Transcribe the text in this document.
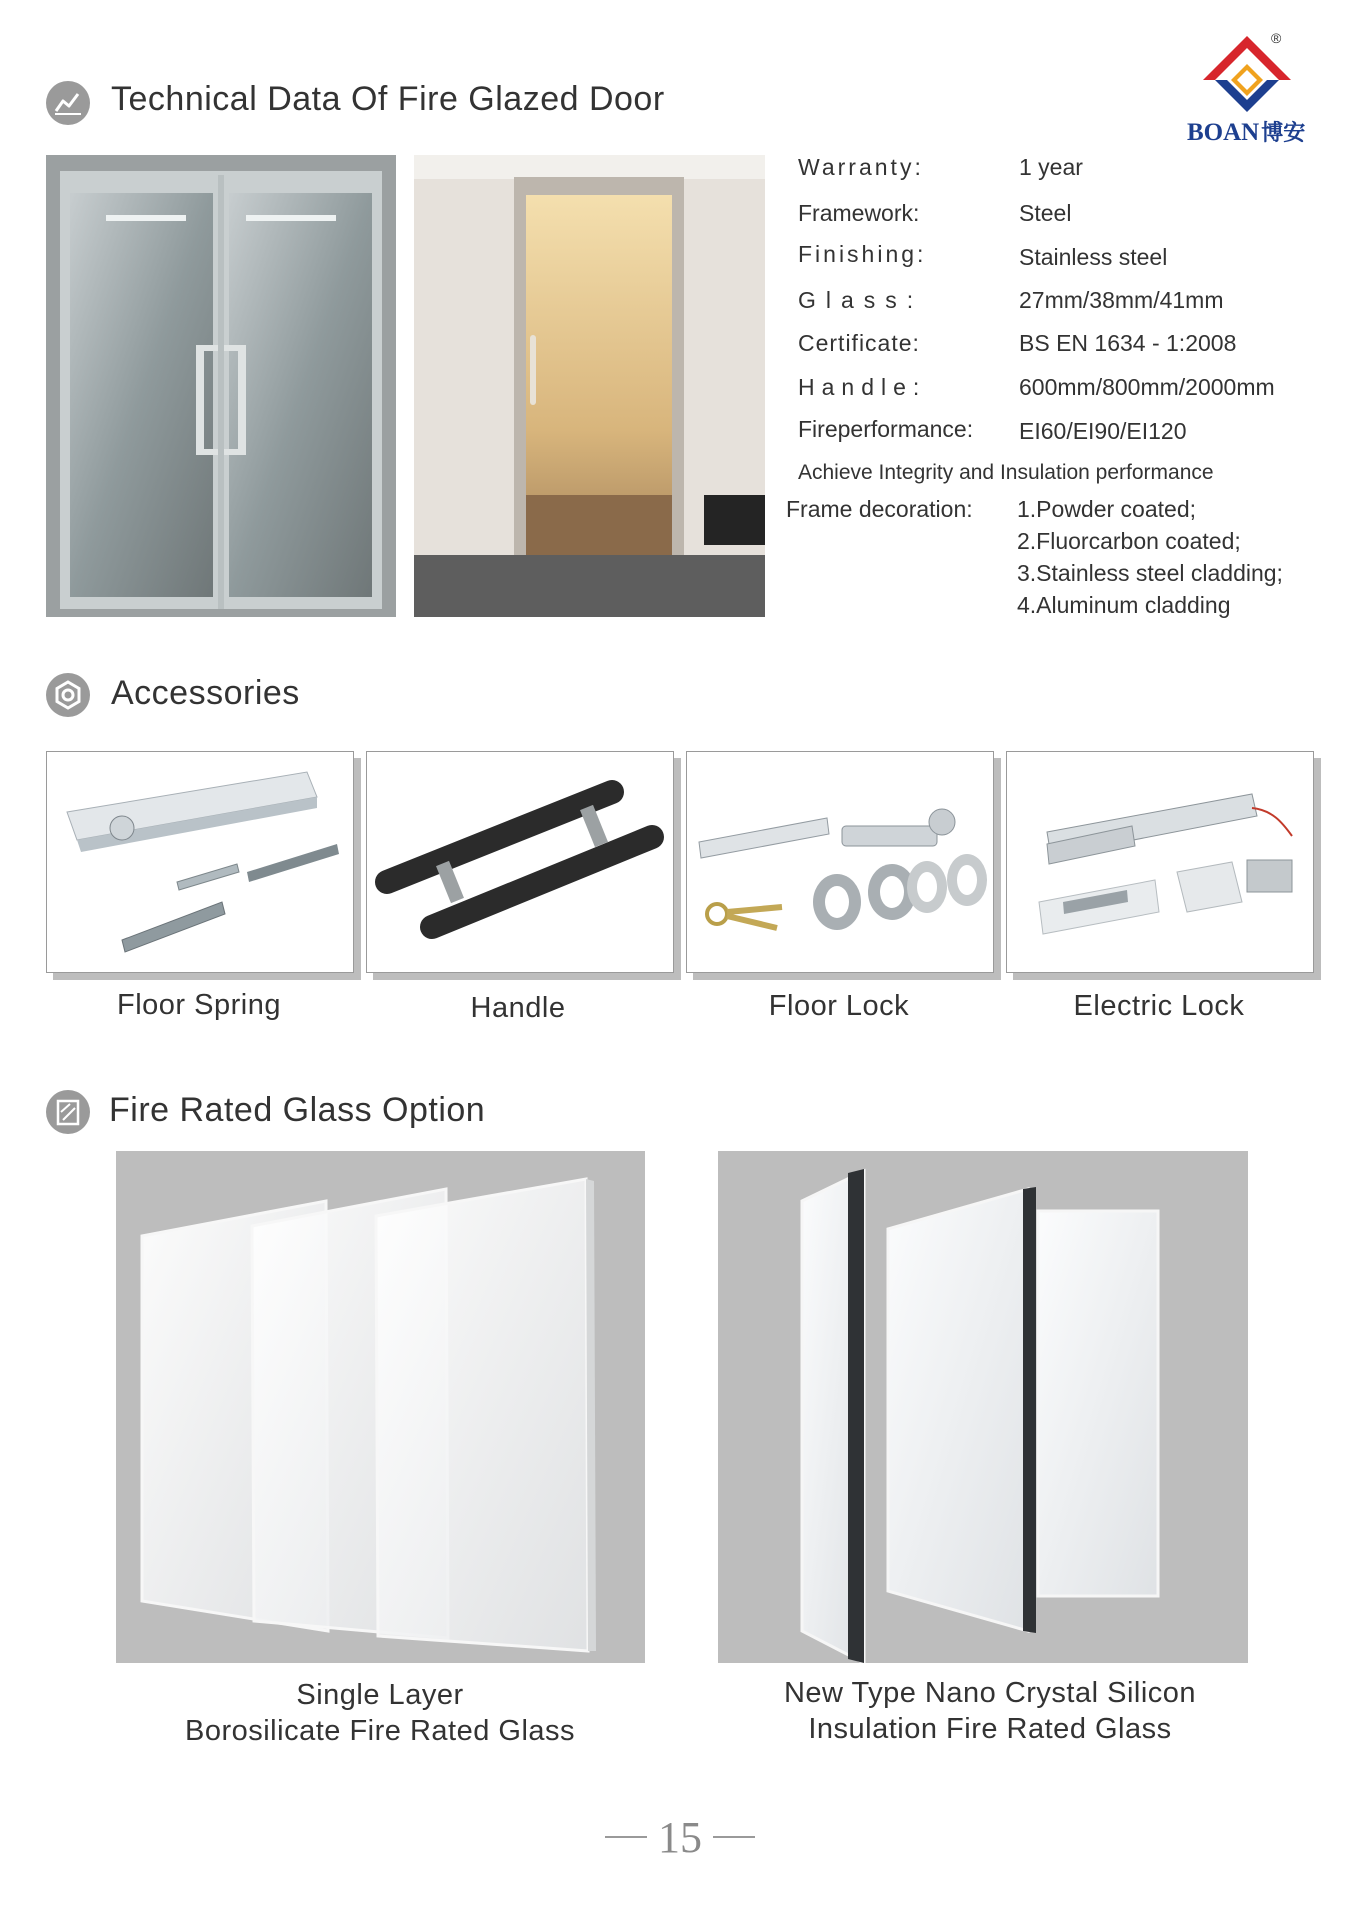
®
BOAN博安
Technical Data Of Fire Glazed Door
Warranty:	1 year
Framework:	Steel
Finishing:	Stainless steel
Glass:	27mm/38mm/41mm
Certificate:	BS EN 1634 - 1:2008
Handle:	600mm/800mm/2000mm
Fireperformance: EI60/EI90/EI120
Achieve Integrity and Insulation performance
Frame decoration: 1.Powder coated;
2.Fluorcarbon coated;
3.Stainless steel cladding;
4.Aluminum cladding
Accessories
Floor Spring	Handle	Floor Lock	Electric Lock
Fire Rated Glass Option
Single Layer
Borosilicate Fire Rated Glass
New Type Nano Crystal Silicon
Insulation Fire Rated Glass
15
